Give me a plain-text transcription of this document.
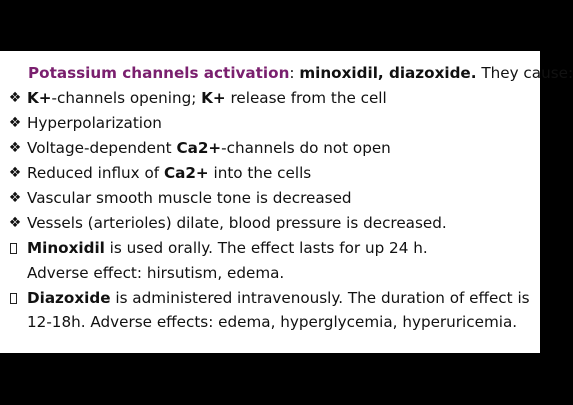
Potassium channels activation: minoxidil, diazoxide. They cause:
❖ K+-channels opening; K+ release from the cell
❖ Hyperpolarization
❖ Voltage-dependent Ca2+-channels do not open
❖ Reduced influx of Ca2+ into the cells
❖ Vascular smooth muscle tone is decreased
❖ Vessels (arterioles) dilate, blood pressure is decreased.
Minoxidil is used orally. The effect lasts for up 24 h.
Adverse effect: hirsutism, edema.
Diazoxide is administered intravenously. The duration of effect is
12-18h. Adverse effects: edema, hyperglycemia, hyperuricemia.
